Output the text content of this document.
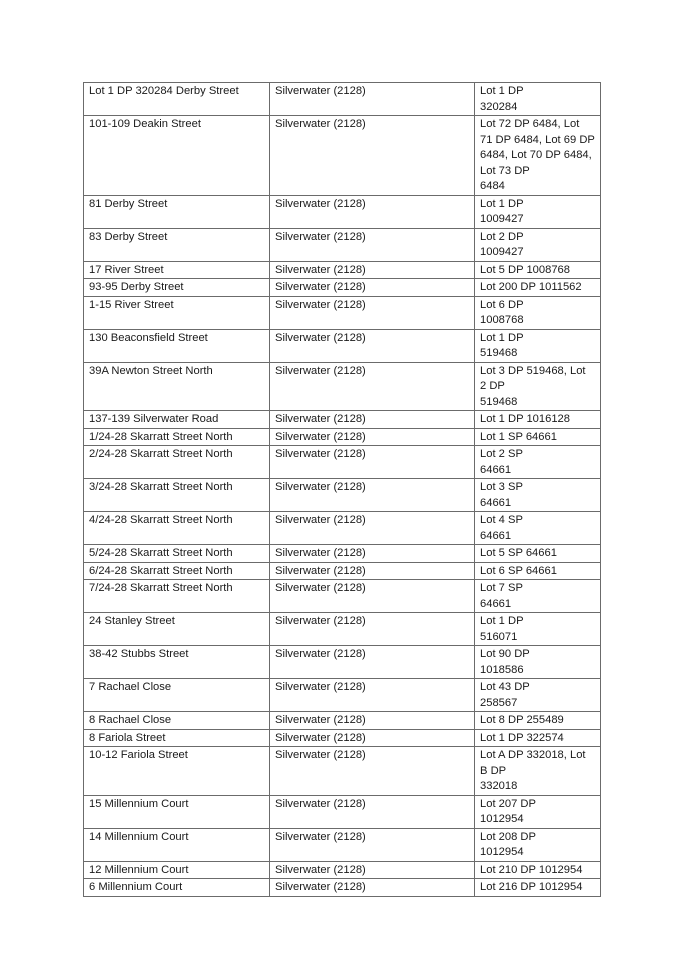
Lot 1 DP 320284 Derby Street	Silverwater (2128)	Lot 1 DP
320284
101-109 Deakin Street	Silverwater (2128)	Lot 72 DP 6484, Lot
71 DP 6484, Lot 69 DP
6484, Lot 70 DP 6484,
Lot 73 DP
6484
81 Derby Street	Silverwater (2128)	Lot 1 DP
1009427
83 Derby Street	Silverwater (2128)	Lot 2 DP
1009427
17 River Street	Silverwater (2128)	Lot 5 DP 1008768
93-95 Derby Street	Silverwater (2128)	Lot 200 DP 1011562
1-15 River Street	Silverwater (2128)	Lot 6 DP
1008768
130 Beaconsfield Street	Silverwater (2128)	Lot 1 DP
519468
39A Newton Street North	Silverwater (2128)	Lot 3 DP 519468, Lot
2 DP
519468
137-139 Silverwater Road	Silverwater (2128)	Lot 1 DP 1016128
1/24-28 Skarratt Street North	Silverwater (2128)	Lot 1 SP 64661
2/24-28 Skarratt Street North	Silverwater (2128)	Lot 2 SP
64661
3/24-28 Skarratt Street North	Silverwater (2128)	Lot 3 SP
64661
4/24-28 Skarratt Street North	Silverwater (2128)	Lot 4 SP
64661
5/24-28 Skarratt Street North	Silverwater (2128)	Lot 5 SP 64661
6/24-28 Skarratt Street North	Silverwater (2128)	Lot 6 SP 64661
7/24-28 Skarratt Street North	Silverwater (2128)	Lot 7 SP
64661
24 Stanley Street	Silverwater (2128)	Lot 1 DP
516071
38-42 Stubbs Street	Silverwater (2128)	Lot 90 DP
1018586
7 Rachael Close	Silverwater (2128)	Lot 43 DP
258567
8 Rachael Close	Silverwater (2128)	Lot 8 DP 255489
8 Fariola Street	Silverwater (2128)	Lot 1 DP 322574
10-12 Fariola Street	Silverwater (2128)	Lot A DP 332018, Lot
B DP
332018
15 Millennium Court	Silverwater (2128)	Lot 207 DP
1012954
14 Millennium Court	Silverwater (2128)	Lot 208 DP
1012954
12 Millennium Court	Silverwater (2128)	Lot 210 DP 1012954
6 Millennium Court	Silverwater (2128)	Lot 216 DP 1012954
